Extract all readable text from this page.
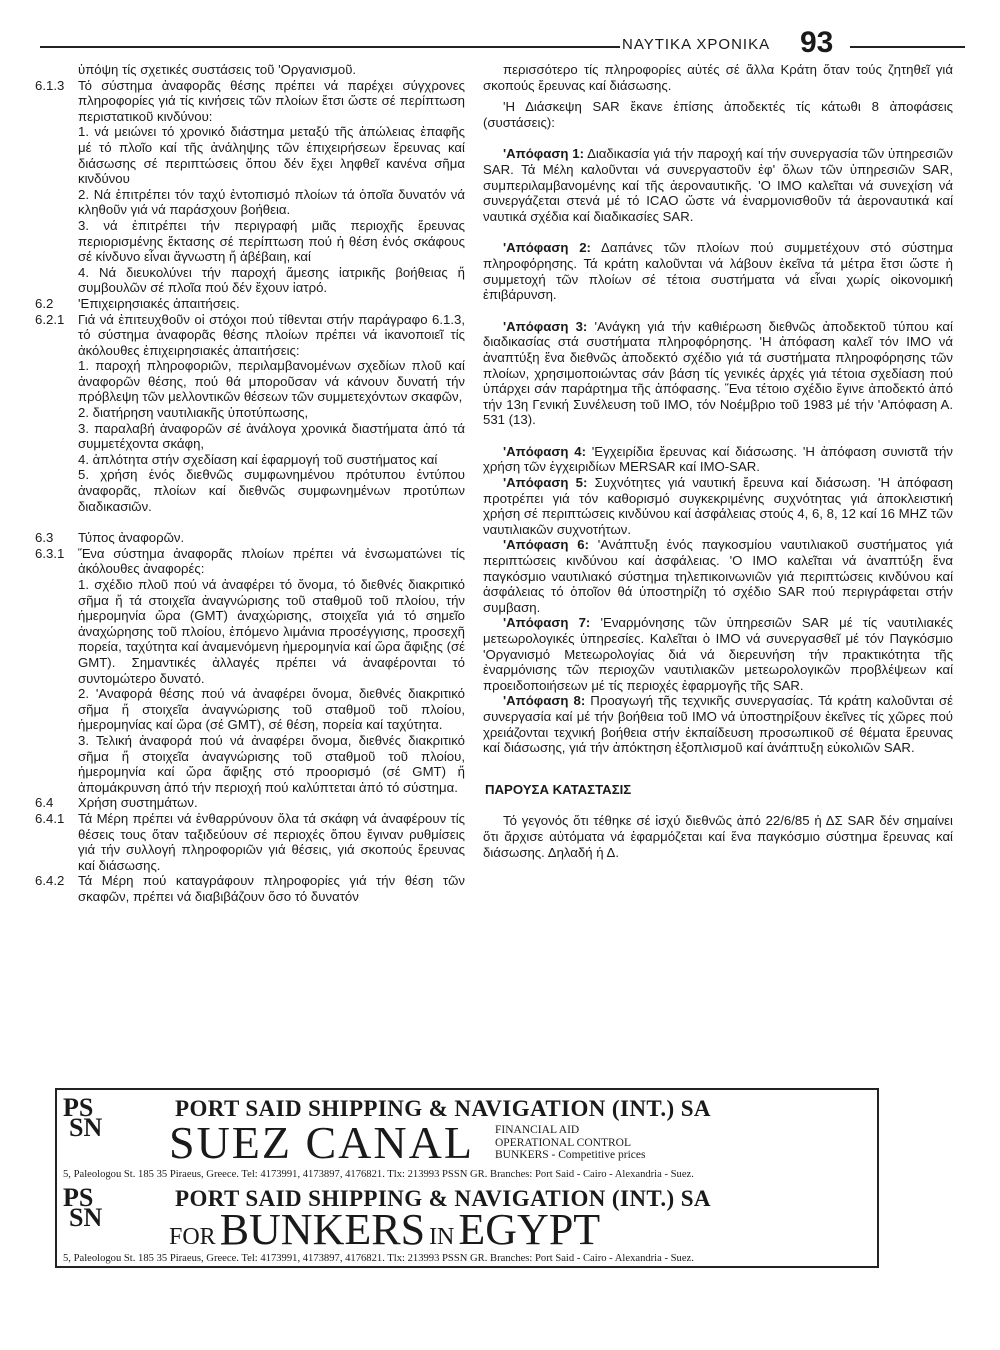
ΝΑΥΤΙΚΑ ΧΡΟΝΙΚΑ 93
ὑπόψη τίς σχετικές συστάσεις τοῦ 'Οργανισμοῦ.
6.1.3	Τό σύστημα ἀναφορᾶς θέσης πρέπει νά παρέχει σύγχρονες πληροφορίες γιά τίς κινήσεις τῶν πλοίων ἔτσι ὥστε σέ περίπτωση περιστατικοῦ κινδύνου:
1. νά μειώνει τό χρονικό διάστημα μεταξύ τῆς ἀπώλειας ἐπαφῆς μέ τό πλοῖο καί τῆς ἀνάληψης τῶν ἐπιχειρήσεων ἔρευνας καί διάσωσης σέ περιπτώσεις ὅπου δέν ἔχει ληφθεῖ κανένα σῆμα κινδύνου
2. Νά ἐπιτρέπει τόν ταχύ ἐντοπισμό πλοίων τά ὁποῖα δυνατόν νά κληθοῦν γιά νά παράσχουν βοήθεια.
3. νά ἐπιτρέπει τήν περιγραφή μιᾶς περιοχῆς ἔρευνας περιορισμένης ἔκτασης σέ περίπτωση πού ἡ θέση ἑνός σκάφους σέ κίνδυνο εἶναι ἄγνωστη ἤ ἀβέβαιη, καί
4. Νά διευκολύνει τήν παροχή ἄμεσης ἰατρικῆς βοήθειας ἤ συμβουλῶν σέ πλοῖα πού δέν ἔχουν ἰατρό.
6.2	'Επιχειρησιακές ἀπαιτήσεις.
6.2.1	Γιά νά ἐπιτευχθοῦν οἱ στόχοι πού τίθενται στήν παράγραφο 6.1.3, τό σύστημα ἀναφορᾶς θέσης πλοίων πρέπει νά ἱκανοποιεῖ τίς ἀκόλουθες ἐπιχειρησιακές ἀπαιτήσεις:
1. παροχή πληροφοριῶν, περιλαμβανομένων σχεδίων πλοῦ καί ἀναφορῶν θέσης, πού θά μποροῦσαν νά κάνουν δυνατή τήν πρόβλεψη τῶν μελλοντικῶν θέσεων τῶν συμμετεχόντων σκαφῶν,
2. διατήρηση ναυτιλιακῆς ὑποτύπωσης,
3. παραλαβή ἀναφορῶν σέ ἀνάλογα χρονικά διαστήματα ἀπό τά συμμετέχοντα σκάφη,
4. ἁπλότητα στήν σχεδίαση καί ἐφαρμογή τοῦ συστήματος καί
5. χρήση ἑνός διεθνῶς συμφωνημένου πρότυπου ἐντύπου ἀναφορᾶς, πλοίων καί διεθνῶς συμφωνημένων προτύπων διαδικασιῶν.
6.3	Τύπος ἀναφορῶν.
6.3.1	Ἕνα σύστημα ἀναφορᾶς πλοίων πρέπει νά ἐνσωματώνει τίς ἀκόλουθες ἀναφορές:
1. σχέδιο πλοῦ πού νά ἀναφέρει τό ὄνομα, τό διεθνές διακριτικό σῆμα ἤ τά στοιχεῖα ἀναγνώρισης τοῦ σταθμοῦ τοῦ πλοίου, τήν ἡμερομηνία ὥρα (GMT) ἀναχώρισης, στοιχεῖα γιά τό σημεῖο ἀναχώρησης τοῦ πλοίου, ἑπόμενο λιμάνια προσέγγισης, προσεχῆ πορεία, ταχύτητα καί ἀναμενόμενη ἡμερομηνία καί ὥρα ἄφιξης (σέ GMT). Σημαντικές ἀλλαγές πρέπει νά ἀναφέρονται τό συντομώτερο δυνατό.
2. 'Αναφορά θέσης πού νά ἀναφέρει ὄνομα, διεθνές διακριτικό σῆμα ἤ στοιχεῖα ἀναγνώρισης τοῦ σταθμοῦ τοῦ πλοίου, ἡμερομηνίας καί ὥρα (σέ GMT), σέ θέση, πορεία καί ταχύτητα.
3. Τελική ἀναφορά πού νά ἀναφέρει ὄνομα, διεθνές διακριτικό σῆμα ἤ στοιχεῖα ἀναγνώρισης τοῦ σταθμοῦ τοῦ πλοίου, ἡμερομηνία καί ὥρα ἄφιξης στό προορισμό (σέ GMT) ἤ ἀπομάκρυνση ἀπό τήν περιοχή πού καλύπτεται ἀπό τό σύστημα.
6.4	Χρήση συστημάτων.
6.4.1	Τά Μέρη πρέπει νά ἐνθαρρύνουν ὅλα τά σκάφη νά ἀναφέρουν τίς θέσεις τους ὅταν ταξιδεύουν σέ περιοχές ὅπου ἔγιναν ρυθμίσεις γιά τήν συλλογή πληροφοριῶν γιά θέσεις, γιά σκοπούς ἔρευνας καί διάσωσης.
6.4.2	Τά Μέρη πού καταγράφουν πληροφορίες γιά τήν θέση τῶν σκαφῶν, πρέπει νά διαβιβάζουν ὅσο τό δυνατόν
περισσότερο τίς πληροφορίες αὐτές σέ ἄλλα Κράτη ὅταν τούς ζητηθεῖ γιά σκοπούς ἔρευνας καί διάσωσης.
'Η Διάσκεψη SAR ἔκανε ἐπίσης ἀποδεκτές τίς κάτωθι 8 ἀποφάσεις (συστάσεις):
'Απόφαση 1: Διαδικασία γιά τήν παροχή καί τήν συνεργασία τῶν ὑπηρεσιῶν SAR. Τά Μέλη καλοῦνται νά συνεργαστοῦν ἐφ' ὅλων τῶν ὑπηρεσιῶν SAR, συμπεριλαμβανομένης καί τῆς ἀεροναυτικῆς. 'Ο IMO καλεῖται νά συνεχίση νά συνεργάζεται στενά μέ τό ICAO ὥστε νά ἐναρμονισθοῦν τά ἀεροναυτικά καί ναυτικά σχέδια καί διαδικασίες SAR.
'Απόφαση 2: Δαπάνες τῶν πλοίων πού συμμετέχουν στό σύστημα πληροφόρησης. Τά κράτη καλοῦνται νά λάβουν ἐκεῖνα τά μέτρα ἔτσι ὥστε ἡ συμμετοχή τῶν πλοίων σέ τέτοια συστήματα νά εἶναι χωρίς οἰκονομική ἐπιβάρυνση.
'Απόφαση 3: 'Ανάγκη γιά τήν καθιέρωση διεθνῶς ἀποδεκτοῦ τύπου καί διαδικασίας στά συστήματα πληροφόρησης. 'Η ἀπόφαση καλεῖ τόν IMO νά ἀναπτύξη ἕνα διεθνῶς ἀποδεκτό σχέδιο γιά τά συστήματα πληροφόρησης τῶν πλοίων, χρησιμοποιώντας σάν βάση τίς γενικές ἀρχές γιά τέτοια σχεδίαση πού ὑπάρχει σάν παράρτημα τῆς ἀπόφασης. Ἕνα τέτοιο σχέδιο ἔγινε ἀποδεκτό ἀπό τήν 13η Γενική Συνέλευση τοῦ IMO, τόν Νοέμβριο τοῦ 1983 μέ τήν 'Απόφαση Α. 531 (13).
'Απόφαση 4: 'Εγχειρίδια ἔρευνας καί διάσωσης. 'Η ἀπόφαση συνιστᾶ τήν χρήση τῶν ἐγχειριδίων MERSAR καί IMO-SAR.
'Απόφαση 5: Συχνότητες γιά ναυτική ἔρευνα καί διάσωση. 'Η ἀπόφαση προτρέπει γιά τόν καθορισμό συγκεκριμένης συχνότητας γιά ἀποκλειστική χρήση σέ περιπτώσεις κινδύνου καί ἀσφάλειας στούς 4, 6, 8, 12 καί 16 MHZ τῶν ναυτιλιακῶν συχνοτήτων.
'Απόφαση 6: 'Ανάπτυξη ἑνός παγκοσμίου ναυτιλιακοῦ συστήματος γιά περιπτώσεις κινδύνου καί ἀσφάλειας. 'Ο IMO καλεῖται νά ἀναπτύξη ἕνα παγκόσμιο ναυτιλιακό σύστημα τηλεπικοινωνιῶν γιά περιπτώσεις κινδύνου καί ἀσφάλειας τό ὁποῖον θά ὑποστηρίζη τό σχέδιο SAR πού περιγράφεται στήν συμβαση.
'Απόφαση 7: 'Εναρμόνησης τῶν ὑπηρεσιῶν SAR μέ τίς ναυτιλιακές μετεωρολογικές ὑπηρεσίες. Καλεῖται ὁ IMO νά συνεργασθεῖ μέ τόν Παγκόσμιο 'Οργανισμό Μετεωρολογίας διά νά διερευνήση τήν πρακτικότητα τῆς ἐναρμόνισης τῶν περιοχῶν ναυτιλιακῶν μετεωρολογικῶν προβλέψεων καί προειδοποιήσεων μέ τίς περιοχές ἐφαρμογῆς τῆς SAR.
'Απόφαση 8: Προαγωγή τῆς τεχνικῆς συνεργασίας. Τά κράτη καλοῦνται σέ συνεργασία καί μέ τήν βοήθεια τοῦ IMO νά ὑποστηρίξουν ἐκεῖνες τίς χῶρες πού χρειάζονται τεχνική βοήθεια στήν ἐκπαίδευση προσωπικοῦ σέ θέματα ἔρευνας καί διάσωσης, γιά τήν ἀπόκτηση ἐξοπλισμοῦ καί ἀνάπτυξη εὐκολιῶν SAR.
ΠΑΡΟΥΣΑ ΚΑΤΑΣΤΑΣΙΣ
Τό γεγονός ὅτι τέθηκε σέ ἰσχύ διεθνῶς ἀπό 22/6/85 ἡ ΔΣ SAR δέν σημαίνει ὅτι ἄρχισε αὐτόματα νά ἐφαρμόζεται καί ἕνα παγκόσμιο σύστημα ἔρευνας καί διάσωσης. Δηλαδή ἡ Δ.
PS
SN
PORT SAID SHIPPING & NAVIGATION (INT.) SA
SUEZ CANAL FINANCIAL AID
OPERATIONAL CONTROL
BUNKERS - Competitive prices
5, Paleologou St. 185 35 Piraeus, Greece. Tel: 4173991, 4173897, 4176821. Tlx: 213993 PSSN GR. Branches: Port Said - Cairo - Alexandria - Suez.
PS
SN
PORT SAID SHIPPING & NAVIGATION (INT.) SA
FOR BUNKERS IN EGYPT
5, Paleologou St. 185 35 Piraeus, Greece. Tel: 4173991, 4173897, 4176821. Tlx: 213993 PSSN GR. Branches: Port Said - Cairo - Alexandria - Suez.
